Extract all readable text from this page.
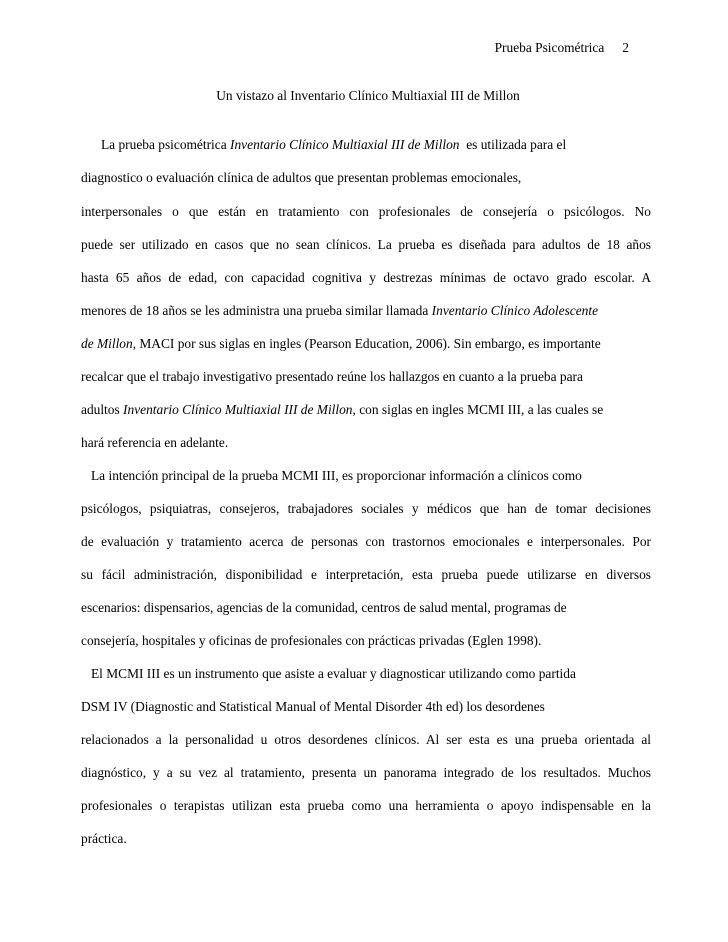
Prueba Psicométrica 2
Un vistazo al Inventario Clínico Multiaxial III de Millon
La prueba psicométrica Inventario Clínico Multiaxial III de Millon es utilizada para el
diagnostico o evaluación clínica de adultos que presentan problemas emocionales,
interpersonales o que están en tratamiento con profesionales de consejería o psicólogos. No
puede ser utilizado en casos que no sean clínicos. La prueba es diseñada para adultos de 18 años
hasta 65 años de edad, con capacidad cognitiva y destrezas mínimas de octavo grado escolar. A
menores de 18 años se les administra una prueba similar llamada Inventario Clínico Adolescente
de Millon, MACI por sus siglas en ingles (Pearson Education, 2006). Sin embargo, es importante
recalcar que el trabajo investigativo presentado reúne los hallazgos en cuanto a la prueba para
adultos Inventario Clínico Multiaxial III de Millon, con siglas en ingles MCMI III, a las cuales se
hará referencia en adelante.
La intención principal de la prueba MCMI III, es proporcionar información a clínicos como
psicólogos, psiquiatras, consejeros, trabajadores sociales y médicos que han de tomar decisiones
de evaluación y tratamiento acerca de personas con trastornos emocionales e interpersonales. Por
su fácil administración, disponibilidad e interpretación, esta prueba puede utilizarse en diversos
escenarios: dispensarios, agencias de la comunidad, centros de salud mental, programas de
consejería, hospitales y oficinas de profesionales con prácticas privadas (Eglen 1998).
El MCMI III es un instrumento que asiste a evaluar y diagnosticar utilizando como partida
DSM IV (Diagnostic and Statistical Manual of Mental Disorder 4th ed) los desordenes
relacionados a la personalidad u otros desordenes clínicos. Al ser esta es una prueba orientada al
diagnóstico, y a su vez al tratamiento, presenta un panorama integrado de los resultados. Muchos
profesionales o terapistas utilizan esta prueba como una herramienta o apoyo indispensable en la
práctica.
